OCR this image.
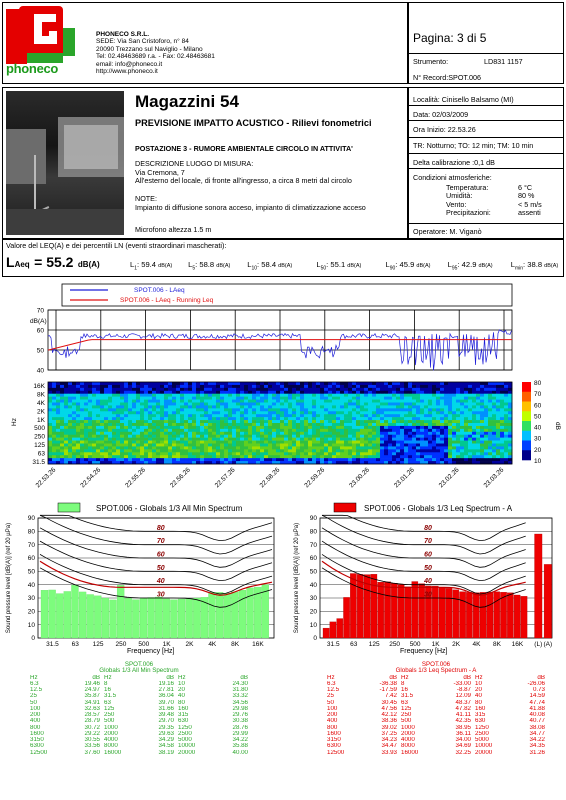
phoneco
PHONECO S.R.L.
SEDE: Via San Cristoforo, n° 84
20090 Trezzano sul Naviglio - Milano
Tel: 02.48463689 r.a. - Fax: 02.48463681
email: info@phoneco.it
http://www.phoneco.it
Pagina: 3 di 5
Strumento:	LD831 1157
N° Record:SPOT.006
Magazzini 54
PREVISIONE IMPATTO ACUSTICO - Rilievi fonometrici
POSTAZIONE 3 - RUMORE AMBIENTALE CIRCOLO IN ATTIVITA'
DESCRIZIONE LUOGO DI MISURA:
Via Cremona, 7
All'esterno del locale, di fronte all'ingresso, a circa 8 metri dal circolo
NOTE:
Impianto di diffusione sonora acceso, impianto di climatizzazione acceso
Microfono altezza 1.5 m
Località: Cinisello Balsamo (MI)
Data: 02/03/2009
Ora Inizio: 22.53.26
TR: Notturno; TO: 12 min; TM: 10 min
Delta calibrazione :0,1 dB
Condizioni atmosferiche:
Temperatura:	6 °C
Umidità:	80 %
Vento:	< 5 m/s
Precipitazioni:	assenti
Operatore: M. Viganò
Valore del LEQ(A) e dei percentili LN (eventi straordinari mascherati):
LAeq = 55.2 dB(A)	$L_1$: 59.4 dB(A) $L_5$: 58.8 dB(A) $L_{10}$: 58.4 dB(A)	$L_{50}$: 55.1 dB(A)	$L_{90}$: 45.9 dB(A) $L_{95}$: 42.9 dB(A) $L_{min}$: 38.8 dB(A)
SPOT.006 - LAeq
SPOT.006 - LAeq - Running Leq
70
60
50
40
dB(A)
16K
8K
4K
2K
1K
500
250
125
63
31.5
Hz
22.53.26	22.54.26	22.55.26	22.56.26	22.57.26	22.58.26	22.59.26	23.00.26	23.01.26	23.02.26	23.03.26
80
70
60
50
40
30
20
10
dB
SPOT.006 - Globals 1/3 All Min Spectrum	SPOT.006 - Globals 1/3 Leq Spectrum - A
90
80
70
60
50
40
30
20
10
0
31.5 63 125 250 500 1K 2K 4K 8K 16K
80
70
60
50
40
30
90
80
70
60
50
40
30
20
10
0
31.5 63 125 250 500 1K 2K 4K 8K 16K (L) (A)
80
70
60
50
40
30
Sound pressure level [dB(A)] (ref 20 µPa)	Sound pressure level [dB(A)] (ref 20 µPa)
Frequency [Hz]	Frequency [Hz]
SPOT.006
Globals 1/3 All Min Spectrum
Hz	dB	Hz	dB	Hz	dB
6.3	19.46	8	19.16	10	24.30
12.5	24.97	16	27.81	20	31.80
25	35.87	31.5	36.04	40	33.32
50	34.91	63	39.70	80	34.56
100	32.63	125	31.66	160	29.98
200	28.57	250	39.48	315	29.76
400	28.79	500	29.70	630	30.38
800	30.72	1000	29.35	1250	28.76
1600	29.22	2000	29.63	2500	29.99
3150	30.55	4000	34.29	5000	34.22
6300	33.56	8000	34.58	10000	35.88
12500	37.60	16000	38.19	20000	40.00
SPOT.006
Globals 1/3 Leq Spectrum - A
Hz	dB	Hz	dB	Hz	dB
6.3	-36.38	8	-33.00	10	-26.06
12.5	-17.59	16	-8.87	20	0.73
25	7.42	31.5	12.09	40	14.59
50	30.45	63	48.37	80	47.74
100	47.56	125	47.82	160	41.88
200	42.12	250	41.11	315	40.08
400	38.36	500	42.35	630	40.77
800	39.02	1000	38.95	1250	38.08
1600	37.25	2000	36.11	2500	34.77
3150	34.23	4000	34.00	5000	34.22
6300	34.47	8000	34.69	10000	34.35
12500	33.93	16000	32.25	20000	31.26
